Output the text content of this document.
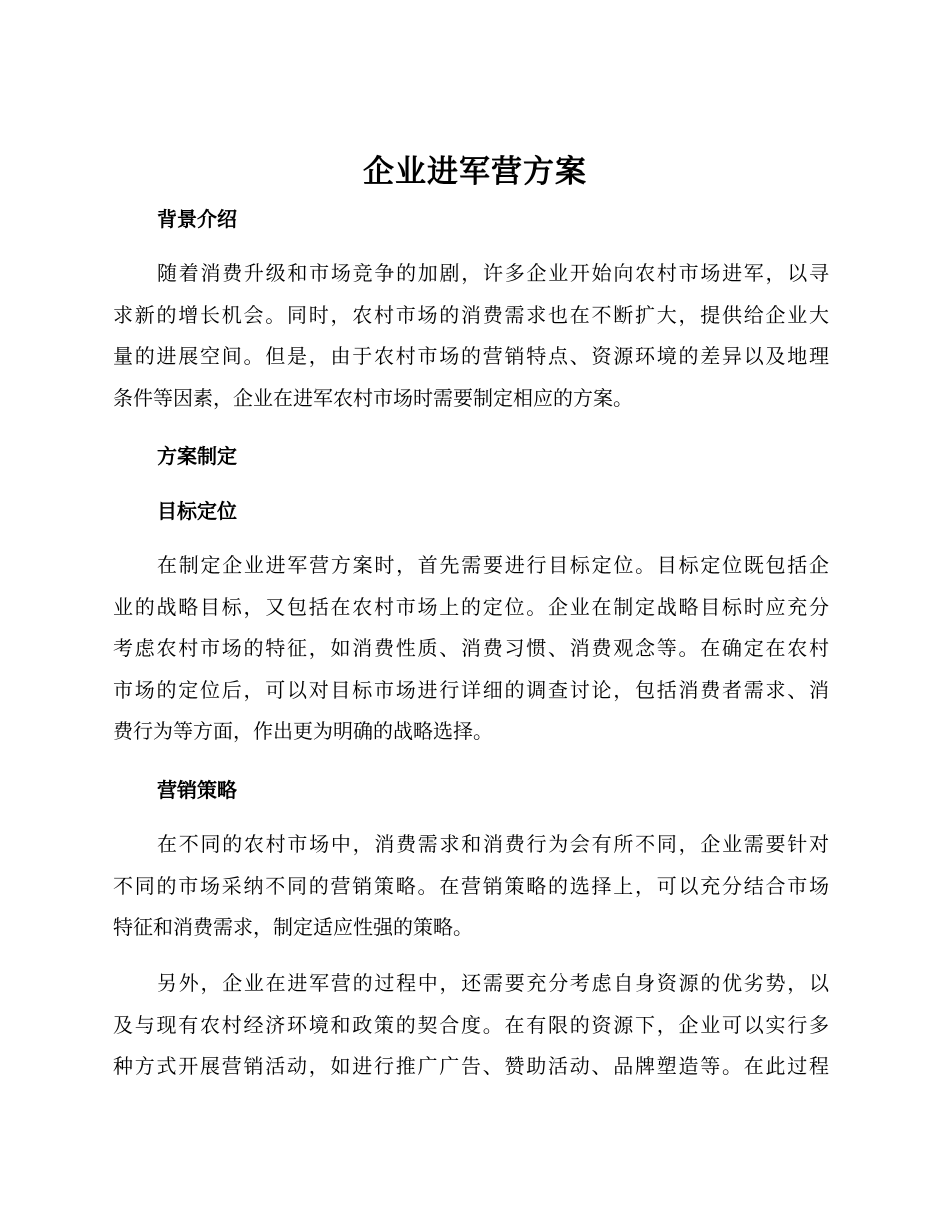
企业进军营方案
背景介绍
随着消费升级和市场竞争的加剧，许多企业开始向农村市场进军，以寻
求新的增长机会。同时，农村市场的消费需求也在不断扩大，提供给企业大
量的进展空间。但是，由于农村市场的营销特点、资源环境的差异以及地理
条件等因素，企业在进军农村市场时需要制定相应的方案。
方案制定
目标定位
在制定企业进军营方案时，首先需要进行目标定位。目标定位既包括企
业的战略目标，又包括在农村市场上的定位。企业在制定战略目标时应充分
考虑农村市场的特征，如消费性质、消费习惯、消费观念等。在确定在农村
市场的定位后，可以对目标市场进行详细的调查讨论，包括消费者需求、消
费行为等方面，作出更为明确的战略选择。
营销策略
在不同的农村市场中，消费需求和消费行为会有所不同，企业需要针对
不同的市场采纳不同的营销策略。在营销策略的选择上，可以充分结合市场
特征和消费需求，制定适应性强的策略。
另外，企业在进军营的过程中，还需要充分考虑自身资源的优劣势，以
及与现有农村经济环境和政策的契合度。在有限的资源下，企业可以实行多
种方式开展营销活动，如进行推广广告、赞助活动、品牌塑造等。在此过程
